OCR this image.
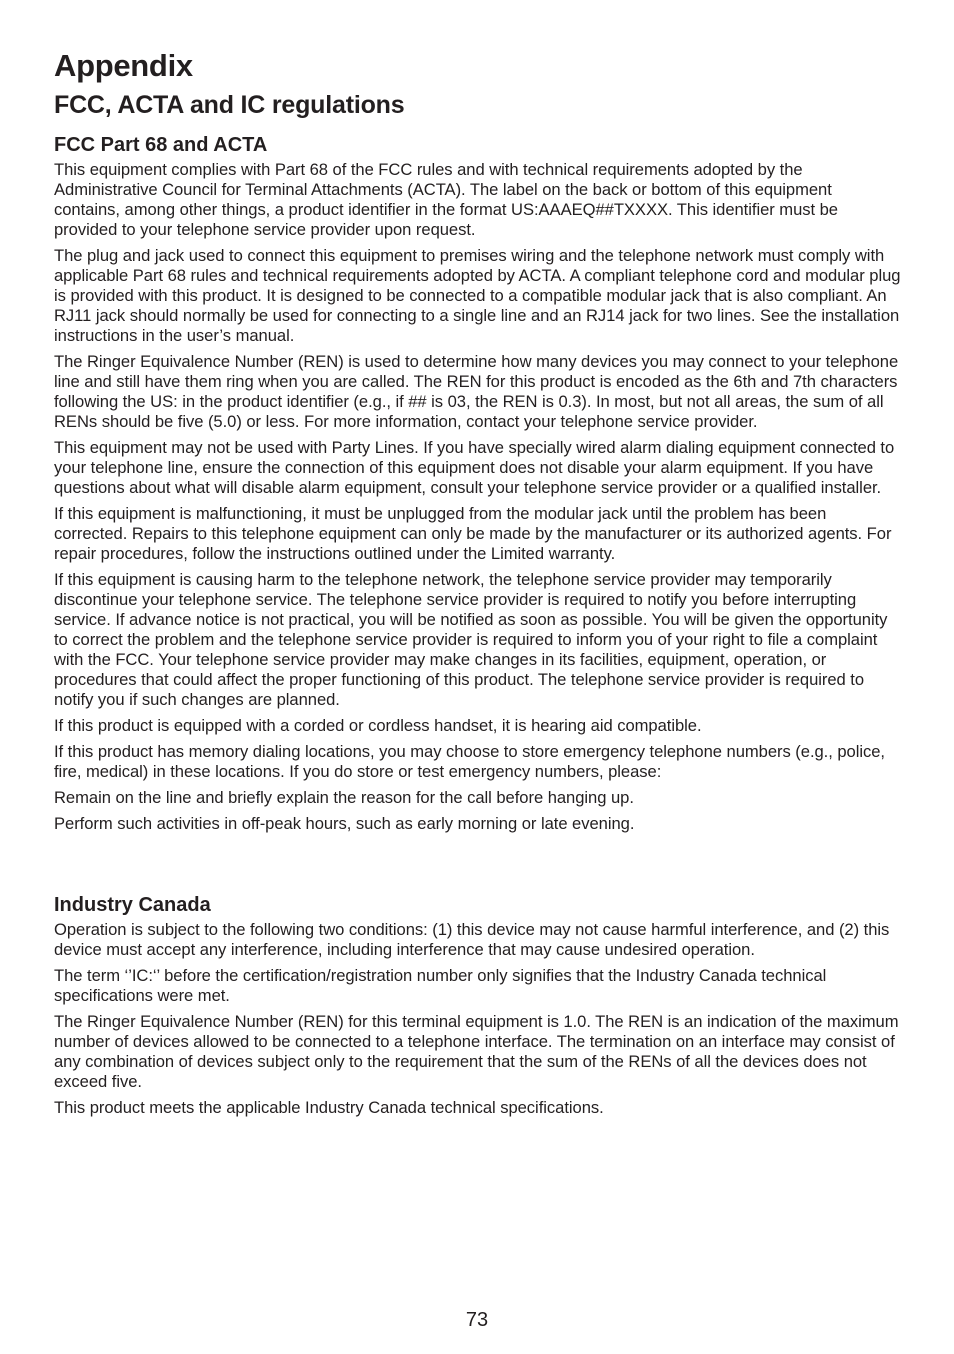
Appendix
FCC, ACTA and IC regulations
FCC Part 68 and ACTA

This equipment complies with Part 68 of the FCC rules and with technical requirements adopted by the Administrative Council for Terminal Attachments (ACTA). The label on the back or bottom of this equipment contains, among other things, a product identifier in the format US:AAAEQ##TXXXX. This identifier must be provided to your telephone service provider upon request.

The plug and jack used to connect this equipment to premises wiring and the telephone network must comply with applicable Part 68 rules and technical requirements adopted by ACTA. A compliant telephone cord and modular plug is provided with this product. It is designed to be connected to a compatible modular jack that is also compliant. An RJ11 jack should normally be used for connecting to a single line and an RJ14 jack for two lines. See the installation instructions in the user’s manual.

The Ringer Equivalence Number (REN) is used to determine how many devices you may connect to your telephone line and still have them ring when you are called. The REN for this product is encoded as the 6th and 7th characters following the US: in the product identifier (e.g., if ## is 03, the REN is 0.3). In most, but not all areas, the sum of all RENs should be five (5.0) or less. For more information, contact your telephone service provider.

This equipment may not be used with Party Lines. If you have specially wired alarm dialing equipment connected to your telephone line, ensure the connection of this equipment does not disable your alarm equipment. If you have questions about what will disable alarm equipment, consult your telephone service provider or a qualified installer.

If this equipment is malfunctioning, it must be unplugged from the modular jack until the problem has been corrected. Repairs to this telephone equipment can only be made by the manufacturer or its authorized agents. For repair procedures, follow the instructions outlined under the Limited warranty.

If this equipment is causing harm to the telephone network, the telephone service provider may temporarily discontinue your telephone service. The telephone service provider is required to notify you before interrupting service. If advance notice is not practical, you will be notified as soon as possible. You will be given the opportunity to correct the problem and the telephone service provider is required to inform you of your right to file a complaint with the FCC. Your telephone service provider may make changes in its facilities, equipment, operation, or procedures that could affect the proper functioning of this product. The telephone service provider is required to notify you if such changes are planned.

If this product is equipped with a corded or cordless handset, it is hearing aid compatible.

If this product has memory dialing locations, you may choose to store emergency telephone numbers (e.g., police, fire, medical) in these locations. If you do store or test emergency numbers, please:

Remain on the line and briefly explain the reason for the call before hanging up.

Perform such activities in off-peak hours, such as early morning or late evening.

Industry Canada

Operation is subject to the following two conditions: (1) this device may not cause harmful interference, and (2) this device must accept any interference, including interference that may cause undesired operation.

The term ‘’IC:‘’ before the certification/registration number only signifies that the Industry Canada technical specifications were met.

The Ringer Equivalence Number (REN) for this terminal equipment is 1.0. The REN is an indication of the maximum number of devices allowed to be connected to a telephone interface. The termination on an interface may consist of any combination of devices subject only to the requirement that the sum of the RENs of all the devices does not exceed five.

This product meets the applicable Industry Canada technical specifications.

73
